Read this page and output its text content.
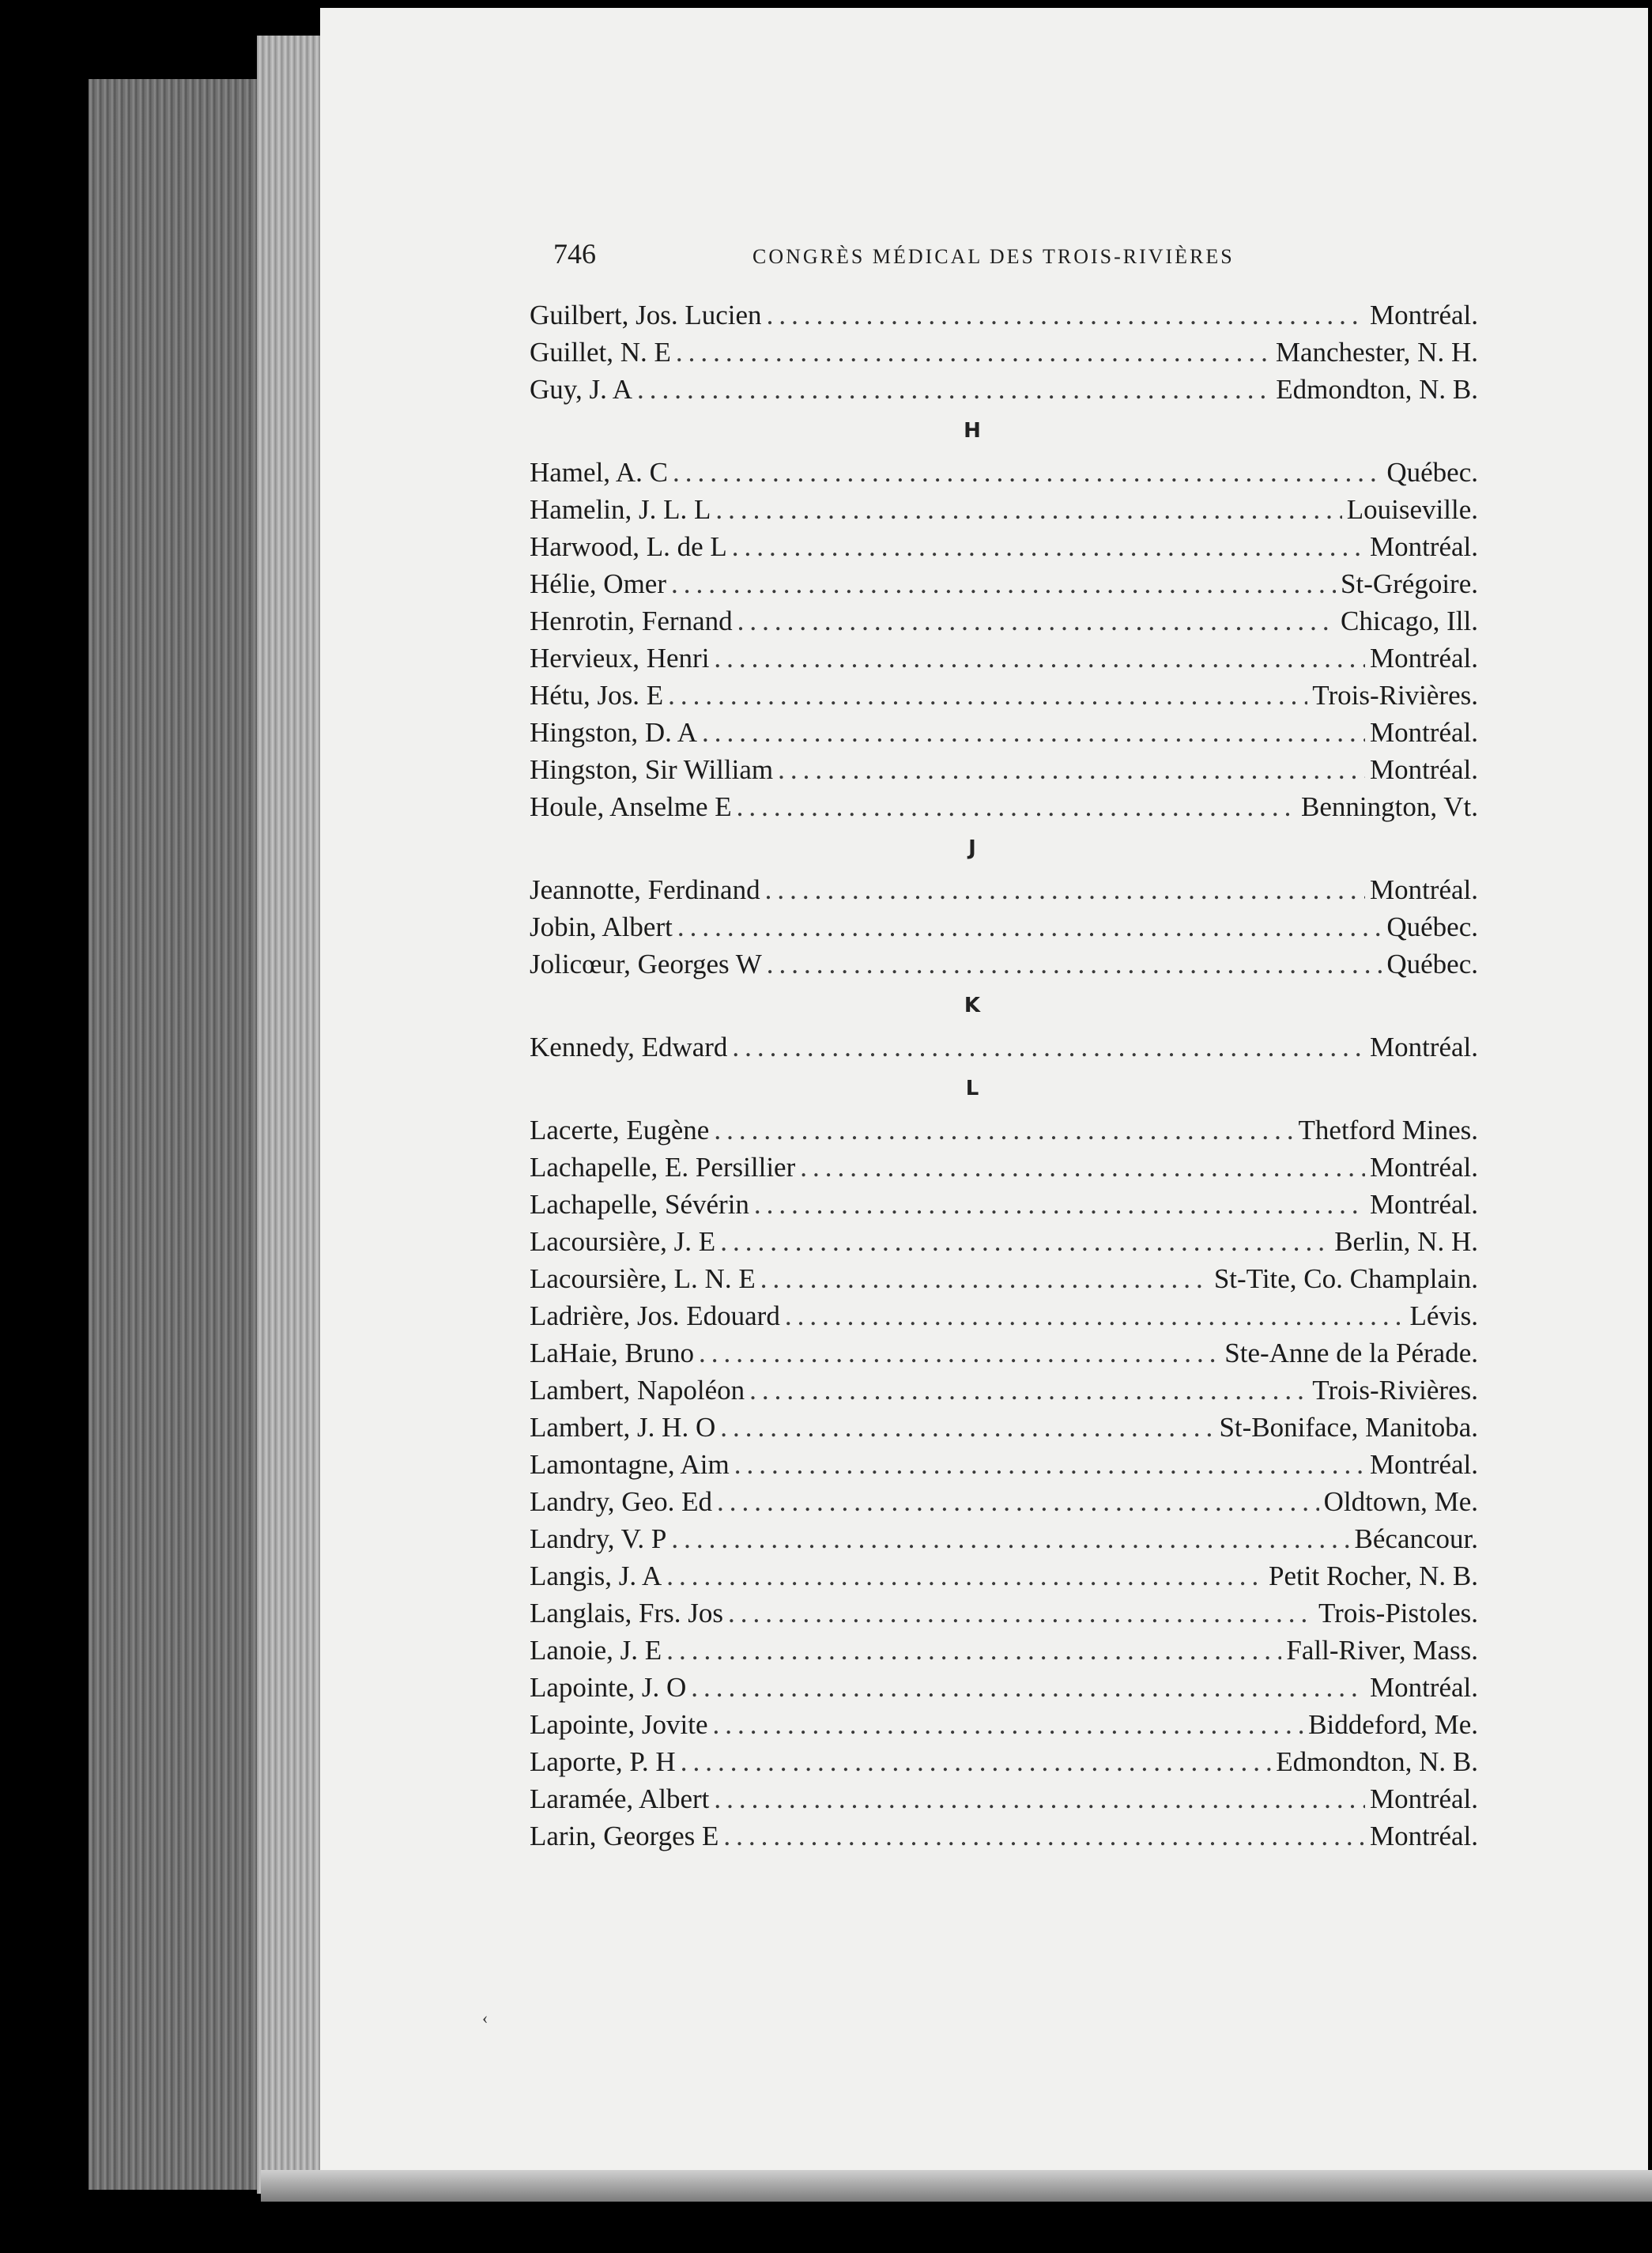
746	CONGRÈS MÉDICAL DES TROIS-RIVIÈRES
Guilbert, Jos. Lucien .....	Montréal.
Guillet, N. E .....	Manchester, N. H.
Guy, J. A .....	Edmondton, N. B.
H
Hamel, A. C .....	Québec.
Hamelin, J. L. L .....	Louiseville.
Harwood, L. de L .....	Montréal.
Hélie, Omer .....	St-Grégoire.
Henrotin, Fernand .....	Chicago, Ill.
Hervieux, Henri .....	Montréal.
Hétu, Jos. E .....	Trois-Rivières.
Hingston, D. A .....	Montréal.
Hingston, Sir William .....	Montréal.
Houle, Anselme E .....	Bennington, Vt.
J
Jeannotte, Ferdinand .....	Montréal.
Jobin, Albert .....	Québec.
Jolicœur, Georges W .....	Québec.
K
Kennedy, Edward .....	Montréal.
L
Lacerte, Eugène .....	Thetford Mines.
Lachapelle, E. Persillier .....	Montréal.
Lachapelle, Sévérin .....	Montréal.
Lacoursière, J. E .....	Berlin, N. H.
Lacoursière, L. N. E .....	St-Tite, Co. Champlain.
Ladrière, Jos. Edouard .....	Lévis.
LaHaie, Bruno .....	Ste-Anne de la Pérade.
Lambert, Napoléon .....	Trois-Rivières.
Lambert, J. H. O .....	St-Boniface, Manitoba.
Lamontagne, Aim .....	Montréal.
Landry, Geo. Ed .....	Oldtown, Me.
Landry, V. P .....	Bécancour.
Langis, J. A .....	Petit Rocher, N. B.
Langlais, Frs. Jos .....	Trois-Pistoles.
Lanoie, J. E .....	Fall-River, Mass.
Lapointe, J. O .....	Montréal.
Lapointe, Jovite .....	Biddeford, Me.
Laporte, P. H .....	Edmondton, N. B.
Laramée, Albert .....	Montréal.
Larin, Georges E .....	Montréal.
‹
